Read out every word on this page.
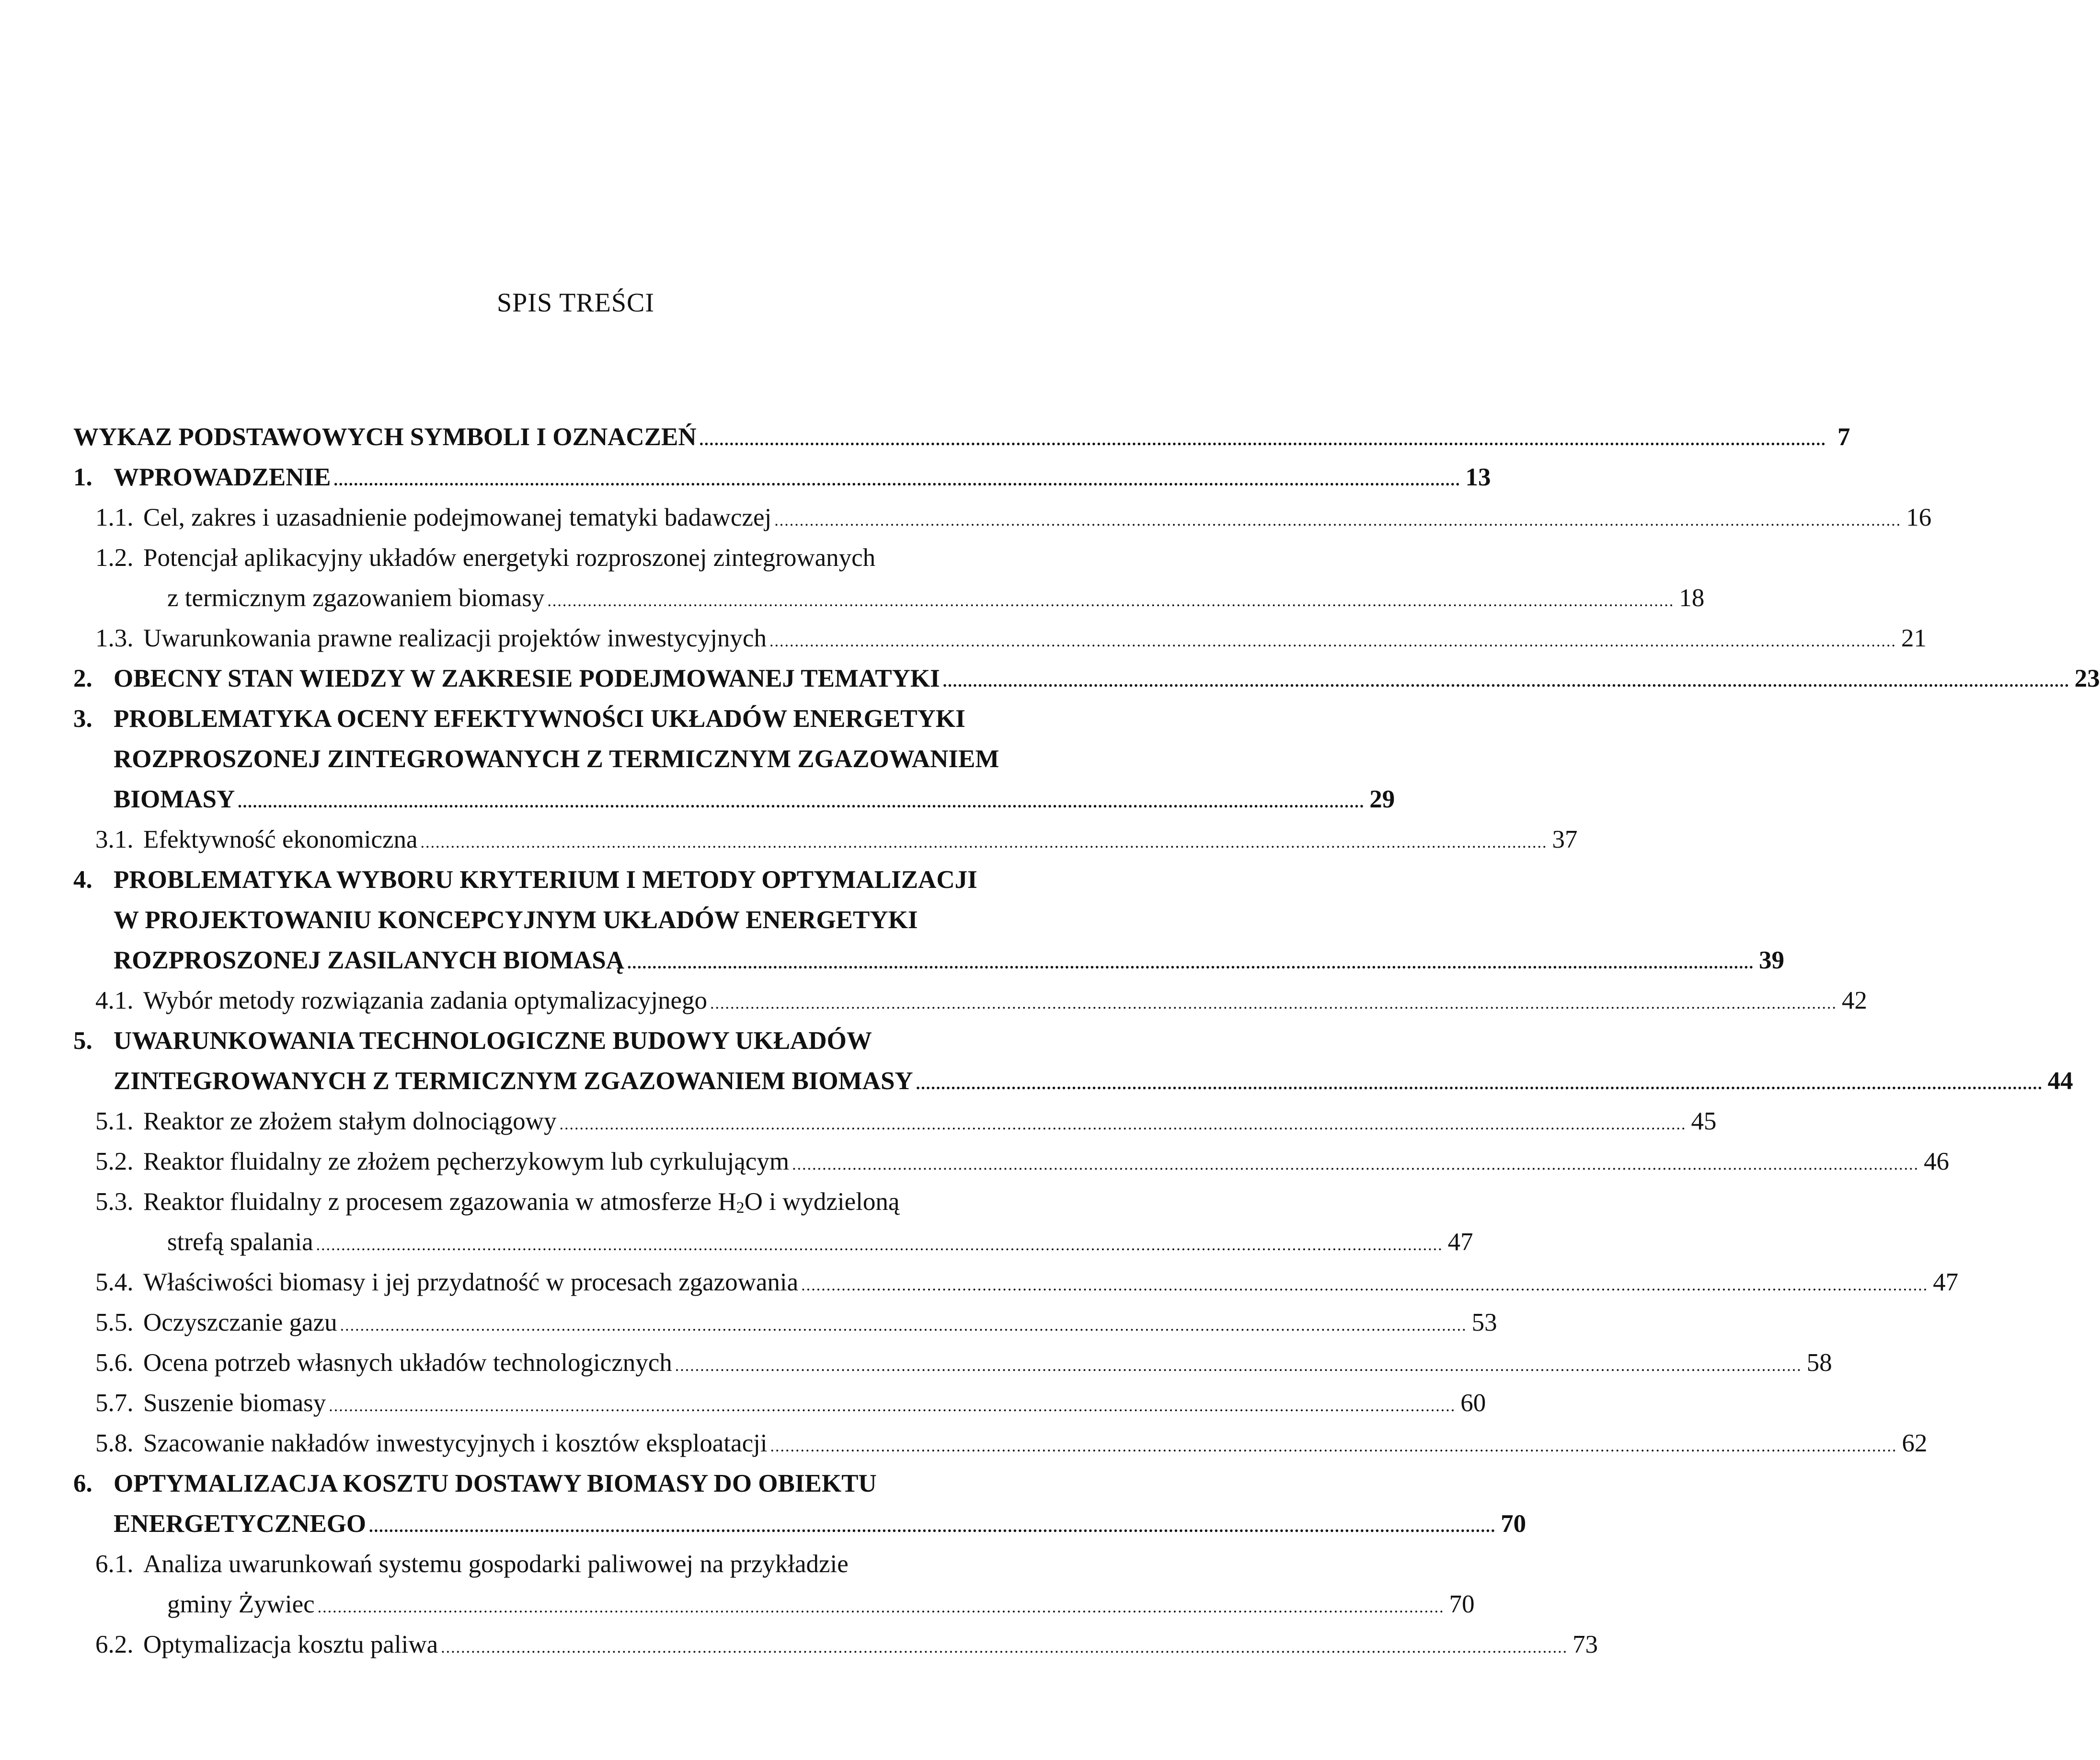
SPIS TREŚCI
WYKAZ PODSTAWOWYCH SYMBOLI I OZNACZEŃ ................................................................................................................................................................................................................................ 7
1. WPROWADZENIE ................................................................................................................................................................................................................................ 13
1.1. Cel, zakres i uzasadnienie podejmowanej tematyki badawczej ................................................................................................................................................................................................................................ 16
1.2. Potencjał aplikacyjny układów energetyki rozproszonej zintegrowanych
z termicznym zgazowaniem biomasy ................................................................................................................................................................................................................................ 18
1.3. Uwarunkowania prawne realizacji projektów inwestycyjnych ................................................................................................................................................................................................................................ 21
2. OBECNY STAN WIEDZY W ZAKRESIE PODEJMOWANEJ TEMATYKI ................................................................................................................................................................................................................................ 23
3. PROBLEMATYKA OCENY EFEKTYWNOŚCI UKŁADÓW ENERGETYKI
ROZPROSZONEJ ZINTEGROWANYCH Z TERMICZNYM ZGAZOWANIEM
BIOMASY ................................................................................................................................................................................................................................ 29
3.1. Efektywność ekonomiczna ................................................................................................................................................................................................................................ 37
4. PROBLEMATYKA WYBORU KRYTERIUM I METODY OPTYMALIZACJI
W PROJEKTOWANIU KONCEPCYJNYM UKŁADÓW ENERGETYKI
ROZPROSZONEJ ZASILANYCH BIOMASĄ ................................................................................................................................................................................................................................ 39
4.1. Wybór metody rozwiązania zadania optymalizacyjnego ................................................................................................................................................................................................................................ 42
5. UWARUNKOWANIA TECHNOLOGICZNE BUDOWY UKŁADÓW
ZINTEGROWANYCH Z TERMICZNYM ZGAZOWANIEM BIOMASY ................................................................................................................................................................................................................................ 44
5.1. Reaktor ze złożem stałym dolnociągowy ................................................................................................................................................................................................................................ 45
5.2. Reaktor fluidalny ze złożem pęcherzykowym lub cyrkulującym ................................................................................................................................................................................................................................ 46
5.3. Reaktor fluidalny z procesem zgazowania w atmosferze $H_2O$ i wydzieloną
strefą spalania ................................................................................................................................................................................................................................ 47
5.4. Właściwości biomasy i jej przydatność w procesach zgazowania ................................................................................................................................................................................................................................ 47
5.5. Oczyszczanie gazu ................................................................................................................................................................................................................................ 53
5.6. Ocena potrzeb własnych układów technologicznych ................................................................................................................................................................................................................................ 58
5.7. Suszenie biomasy ................................................................................................................................................................................................................................ 60
5.8. Szacowanie nakładów inwestycyjnych i kosztów eksploatacji ................................................................................................................................................................................................................................ 62
6. OPTYMALIZACJA KOSZTU DOSTAWY BIOMASY DO OBIEKTU
ENERGETYCZNEGO ................................................................................................................................................................................................................................ 70
6.1. Analiza uwarunkowań systemu gospodarki paliwowej na przykładzie
gminy Żywiec ................................................................................................................................................................................................................................ 70
6.2. Optymalizacja kosztu paliwa ................................................................................................................................................................................................................................ 73
